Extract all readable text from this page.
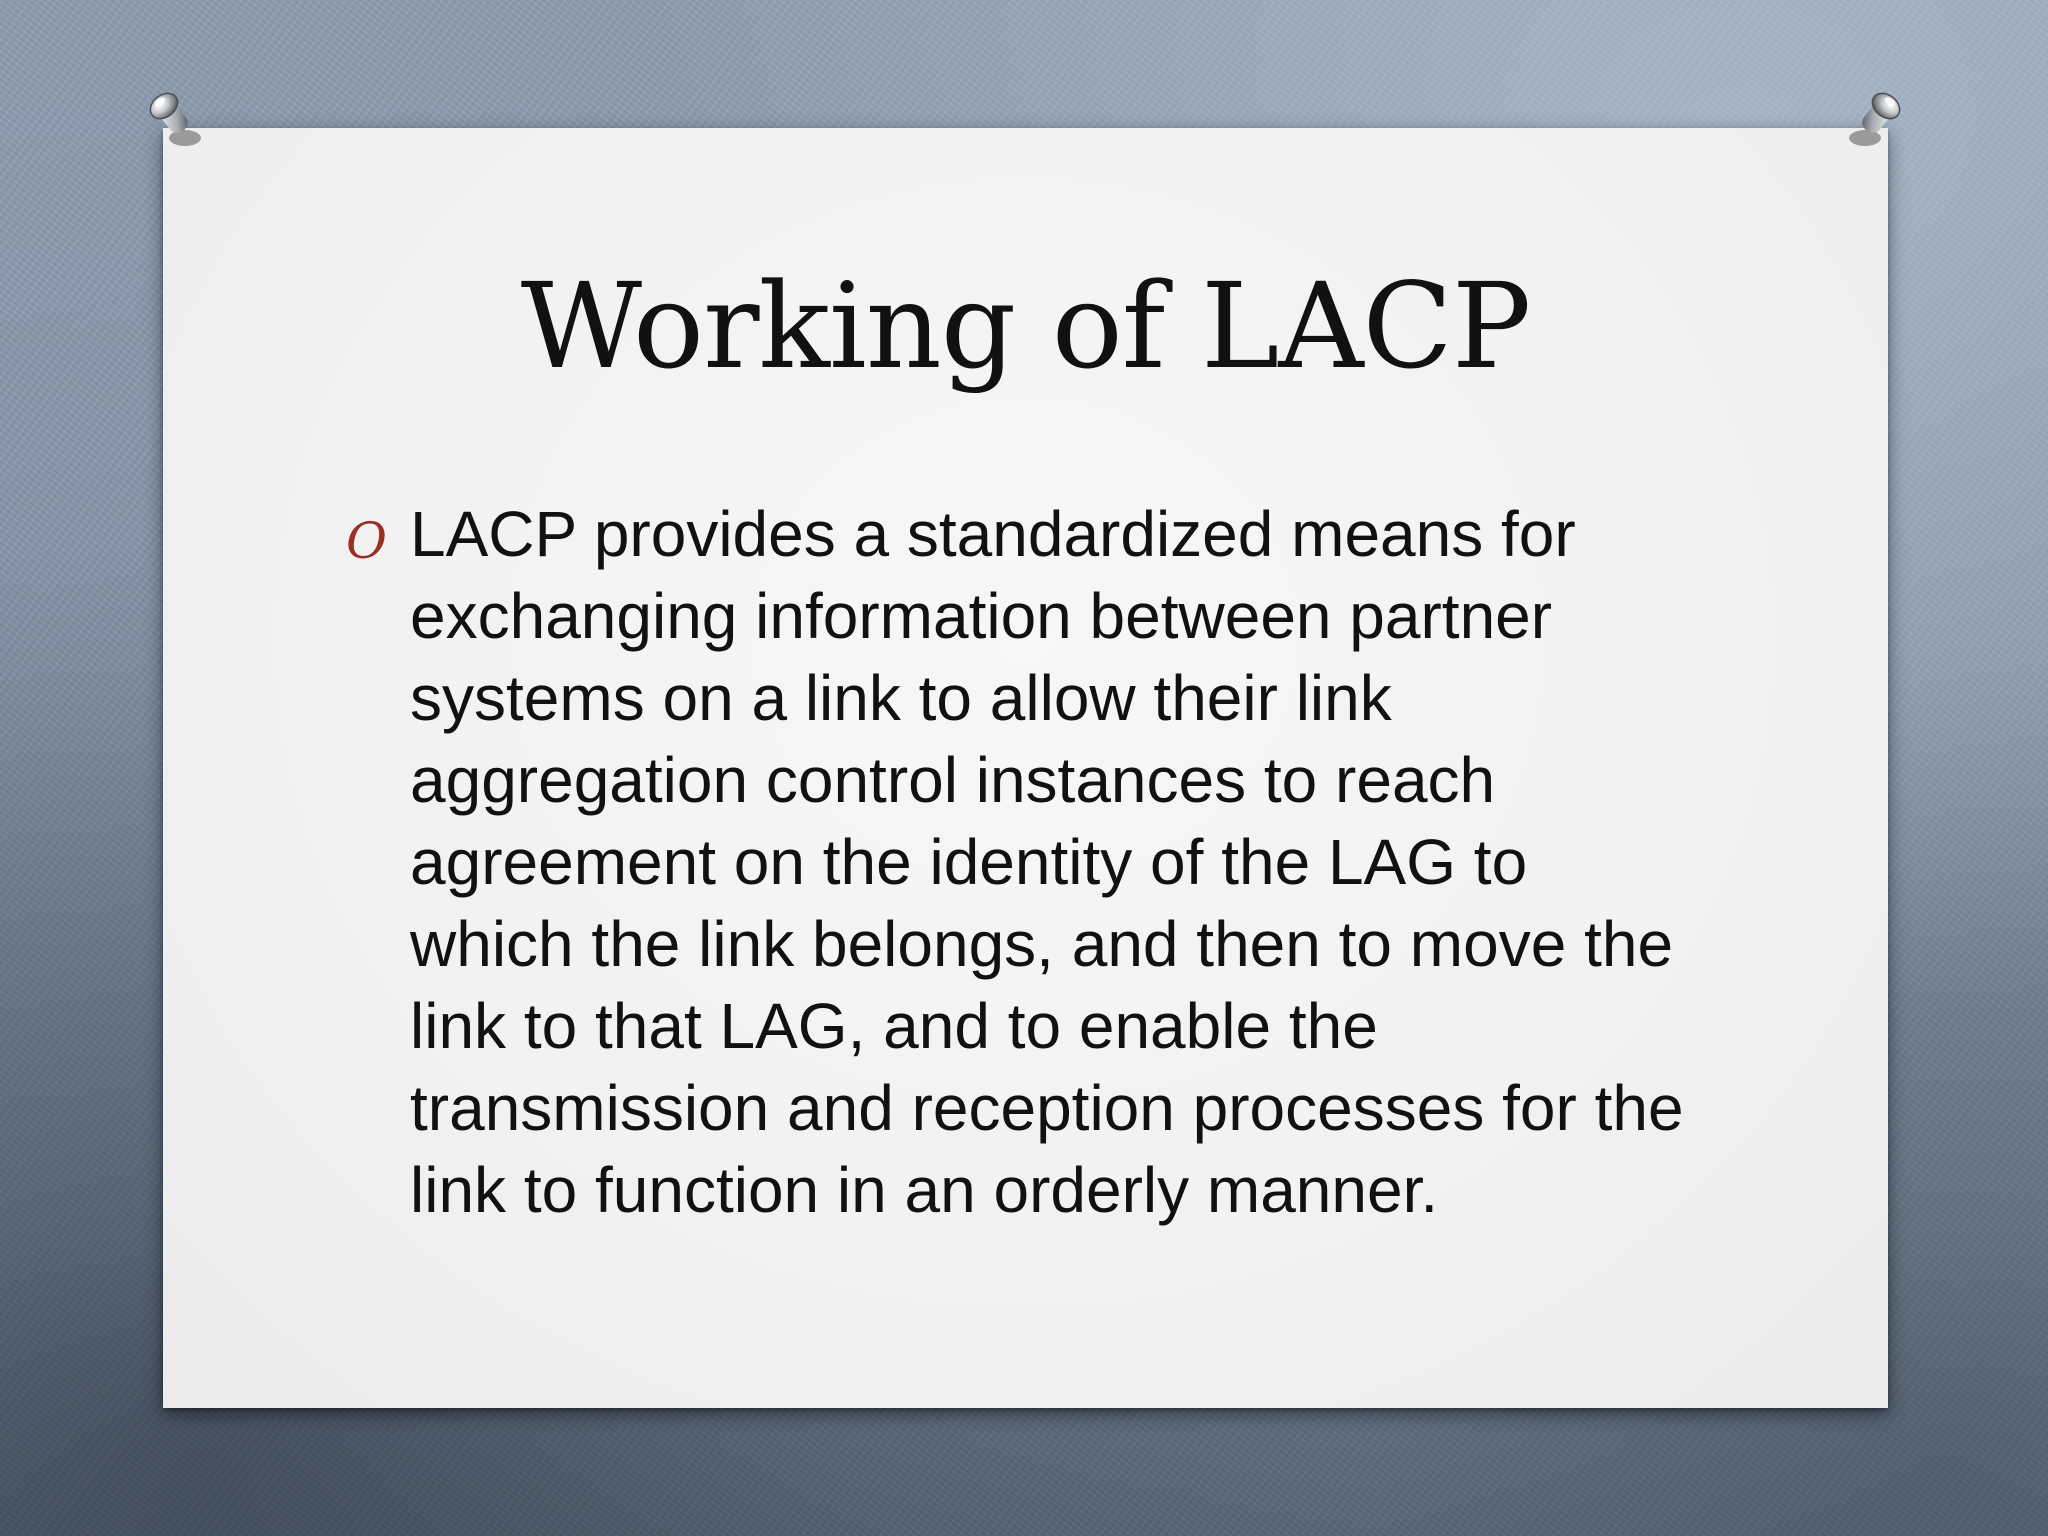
Working of LACP
O LACP provides a standardized means for exchanging information between partner systems on a link to allow their link aggregation control instances to reach agreement on the identity of the LAG to which the link belongs, and then to move the link to that LAG, and to enable the transmission and reception processes for the link to function in an orderly manner.
